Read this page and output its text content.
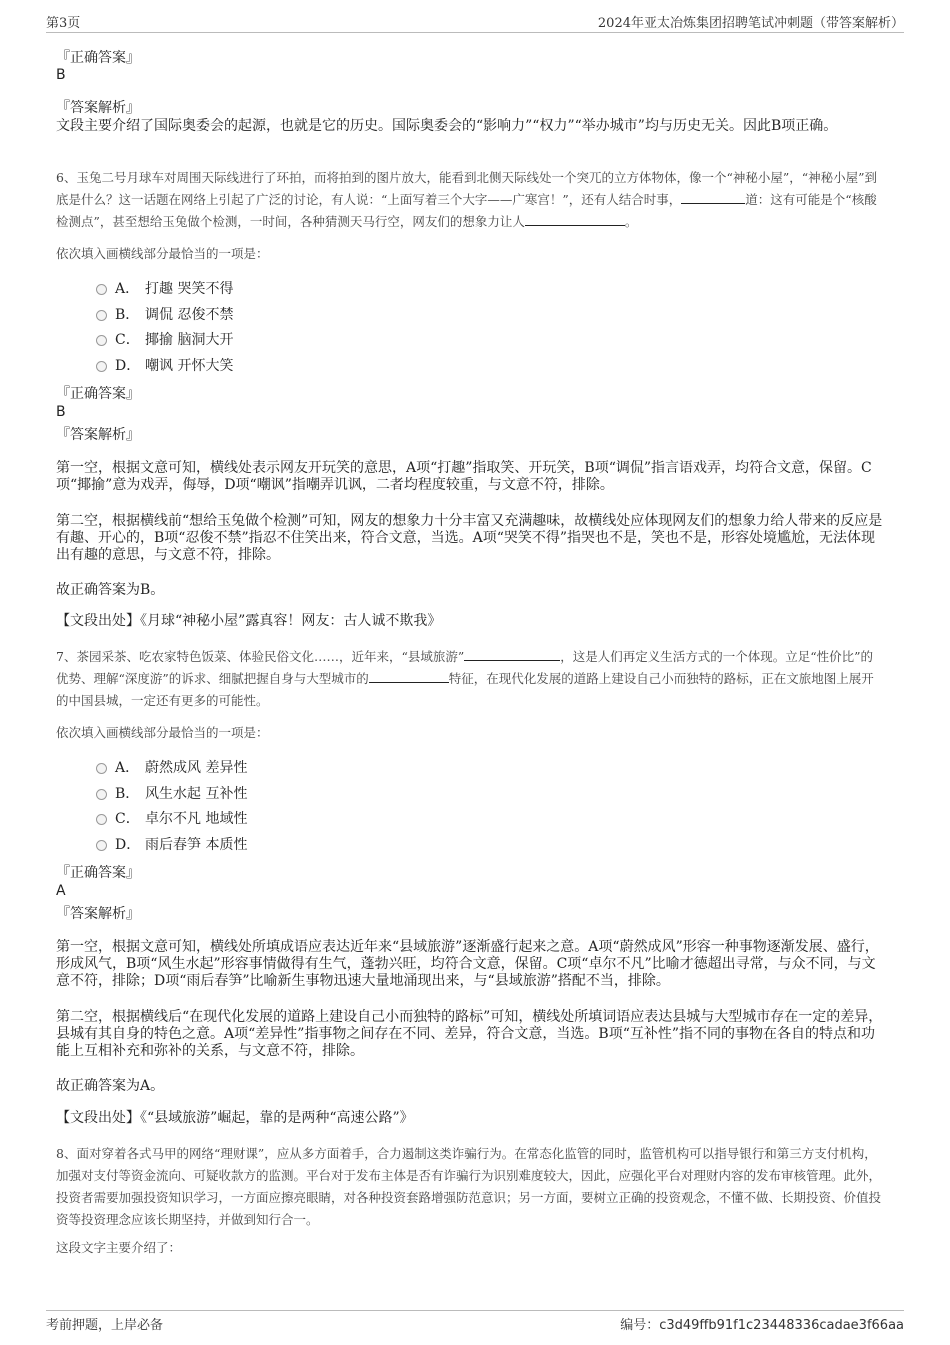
第3页	2024年亚太冶炼集团招聘笔试冲刺题（带答案解析）
『正确答案』
B
『答案解析』
文段主要介绍了国际奥委会的起源，也就是它的历史。国际奥委会的“影响力”“权力”“举办城市”均与历史无关。因此B项正确。
6、玉兔二号月球车对周围天际线进行了环拍，而将拍到的图片放大，能看到北侧天际线处一个突兀的立方体物体，像一个“神秘小屋”，“神秘小屋”到底是什么？这一话题在网络上引起了广泛的讨论，有人说：“上面写着三个大字——广寒宫！”，还有人结合时事，	道：这有可能是个“核酸检测点”，甚至想给玉兔做个检测，一时间，各种猜测天马行空，网友们的想象力让人	。
依次填入画横线部分最恰当的一项是：
A． 打趣 哭笑不得
B． 调侃 忍俊不禁
C． 揶揄 脑洞大开
D． 嘲讽 开怀大笑
『正确答案』
B
『答案解析』
第一空，根据文意可知，横线处表示网友开玩笑的意思，A项“打趣”指取笑、开玩笑，B项“调侃”指言语戏弄，均符合文意，保留。C项“揶揄”意为戏弄，侮辱，D项“嘲讽”指嘲弄讥讽，二者均程度较重，与文意不符，排除。
第二空，根据横线前“想给玉兔做个检测”可知，网友的想象力十分丰富又充满趣味，故横线处应体现网友们的想象力给人带来的反应是有趣、开心的，B项“忍俊不禁”指忍不住笑出来，符合文意，当选。A项“哭笑不得”指哭也不是，笑也不是，形容处境尴尬，无法体现出有趣的意思，与文意不符，排除。
故正确答案为B。
【文段出处】《月球“神秘小屋”露真容！网友：古人诚不欺我》
7、茶园采茶、吃农家特色饭菜、体验民俗文化……，近年来，“县域旅游”	，这是人们再定义生活方式的一个体现。立足“性价比”的优势、理解“深度游”的诉求、细腻把握自身与大型城市的	特征，在现代化发展的道路上建设自己小而独特的路标，正在文旅地图上展开的中国县城，一定还有更多的可能性。
依次填入画横线部分最恰当的一项是：
A． 蔚然成风 差异性
B． 风生水起 互补性
C． 卓尔不凡 地域性
D． 雨后春笋 本质性
『正确答案』
A
『答案解析』
第一空，根据文意可知，横线处所填成语应表达近年来“县域旅游”逐渐盛行起来之意。A项“蔚然成风”形容一种事物逐渐发展、盛行，形成风气，B项“风生水起”形容事情做得有生气，蓬勃兴旺，均符合文意，保留。C项“卓尔不凡”比喻才德超出寻常，与众不同，与文意不符，排除；D项“雨后春笋”比喻新生事物迅速大量地涌现出来，与“县域旅游”搭配不当，排除。
第二空，根据横线后“在现代化发展的道路上建设自己小而独特的路标”可知，横线处所填词语应表达县城与大型城市存在一定的差异，县城有其自身的特色之意。A项“差异性”指事物之间存在不同、差异，符合文意，当选。B项“互补性”指不同的事物在各自的特点和功能上互相补充和弥补的关系，与文意不符，排除。
故正确答案为A。
【文段出处】《“县域旅游”崛起，靠的是两种“高速公路”》
8、面对穿着各式马甲的网络“理财课”，应从多方面着手，合力遏制这类诈骗行为。在常态化监管的同时，监管机构可以指导银行和第三方支付机构，加强对支付等资金流向、可疑收款方的监测。平台对于发布主体是否有诈骗行为识别难度较大，因此，应强化平台对理财内容的发布审核管理。此外，投资者需要加强投资知识学习，一方面应擦亮眼睛，对各种投资套路增强防范意识；另一方面，要树立正确的投资观念，不懂不做、长期投资、价值投资等投资理念应该长期坚持，并做到知行合一。
这段文字主要介绍了：
考前押题，上岸必备	编号：c3d49ffb91f1c23448336cadae3f66aa
